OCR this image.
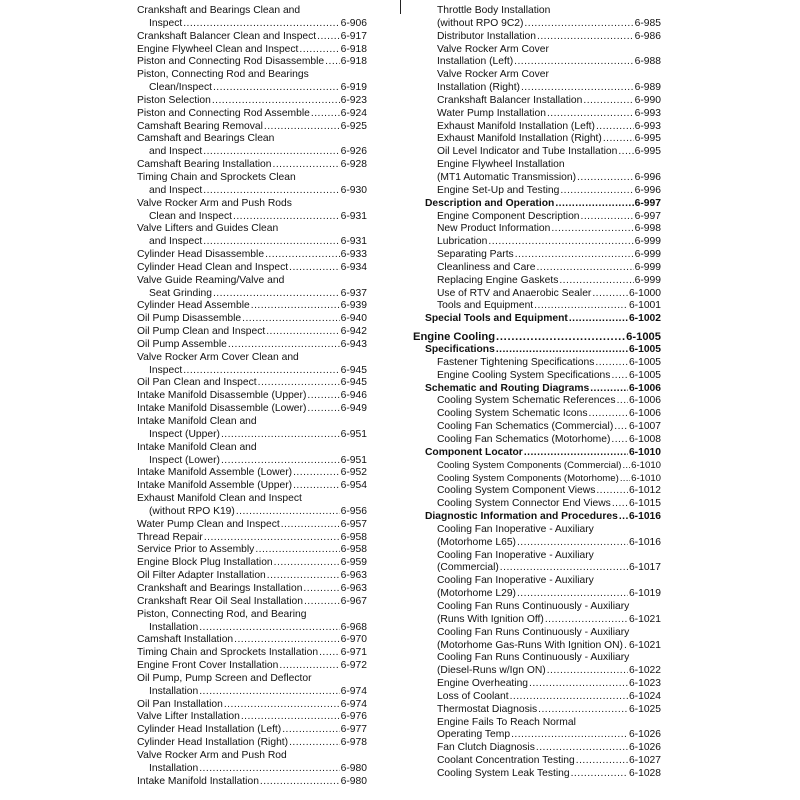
Crankshaft and Bearings Clean and
Inspect . . .	6-906
Crankshaft Balancer Clean and Inspect . . . 6-917
Engine Flywheel Clean and Inspect . . .	6-918
Piston and Connecting Rod Disassemble . . . 6-918
Piston, Connecting Rod and Bearings
Clean/Inspect . . .	6-919
Piston Selection . . .	6-923
Piston and Connecting Rod Assemble . . .	6-924
Camshaft Bearing Removal . . .	6-925
Camshaft and Bearings Clean
and Inspect . . .	6-926
Camshaft Bearing Installation . . .	6-928
Timing Chain and Sprockets Clean
and Inspect . . .	6-930
Valve Rocker Arm and Push Rods
Clean and Inspect . . .	6-931
Valve Lifters and Guides Clean
and Inspect . . .	6-931
Cylinder Head Disassemble . . .	6-933
Cylinder Head Clean and Inspect . . .	6-934
Valve Guide Reaming/Valve and
Seat Grinding . . .	6-937
Cylinder Head Assemble . . .	6-939
Oil Pump Disassemble . . .	6-940
Oil Pump Clean and Inspect . . .	6-942
Oil Pump Assemble . . .	6-943
Valve Rocker Arm Cover Clean and
Inspect . . .	6-945
Oil Pan Clean and Inspect . . .	6-945
Intake Manifold Disassemble (Upper) . . .	6-946
Intake Manifold Disassemble (Lower) . . .	6-949
Intake Manifold Clean and
Inspect (Upper) . . .	6-951
Intake Manifold Clean and
Inspect (Lower) . . .	6-951
Intake Manifold Assemble (Lower) . . .	6-952
Intake Manifold Assemble (Upper) . . .	6-954
Exhaust Manifold Clean and Inspect
(without RPO K19) . . .	6-956
Water Pump Clean and Inspect . . .	6-957
Thread Repair . . .	6-958
Service Prior to Assembly . . .	6-958
Engine Block Plug Installation . . .	6-959
Oil Filter Adapter Installation . . .	6-963
Crankshaft and Bearings Installation . . .	6-963
Crankshaft Rear Oil Seal Installation . . .	6-967
Piston, Connecting Rod, and Bearing
Installation . . .	6-968
Camshaft Installation . . .	6-970
Timing Chain and Sprockets Installation . . . 6-971
Engine Front Cover Installation . . .	6-972
Oil Pump, Pump Screen and Deflector
Installation . . .	6-974
Oil Pan Installation . . .	6-974
Valve Lifter Installation . . .	6-976
Cylinder Head Installation (Left) . . .	6-977
Cylinder Head Installation (Right) . . .	6-978
Valve Rocker Arm and Push Rod
Installation . . .	6-980
Intake Manifold Installation . . .	6-980
Throttle Body Installation
(without RPO 9C2) . . .	6-985
Distributor Installation . . .	6-986
Valve Rocker Arm Cover
Installation (Left) . . .	6-988
Valve Rocker Arm Cover
Installation (Right) . . .	6-989
Crankshaft Balancer Installation . . .	6-990
Water Pump Installation . . .	6-993
Exhaust Manifold Installation (Left) . . .	6-993
Exhaust Manifold Installation (Right) . . .	6-995
Oil Level Indicator and Tube Installation . . . 6-995
Engine Flywheel Installation
(MT1 Automatic Transmission) . . .	6-996
Engine Set-Up and Testing . . .	6-996
Description and Operation . . .	6-997
Engine Component Description . . .	6-997
New Product Information . . .	6-998
Lubrication . . .	6-999
Separating Parts . . .	6-999
Cleanliness and Care . . .	6-999
Replacing Engine Gaskets . . .	6-999
Use of RTV and Anaerobic Sealer . . .	6-1000
Tools and Equipment . . .	6-1001
Special Tools and Equipment . . .	6-1002
Engine Cooling . . .	6-1005
Specifications . . .	6-1005
Fastener Tightening Specifications . . .	6-1005
Engine Cooling System Specifications . . . 6-1005
Schematic and Routing Diagrams . . .	6-1006
Cooling System Schematic References . . . 6-1006
Cooling System Schematic Icons . . .	6-1006
Cooling Fan Schematics (Commercial) . . . 6-1007
Cooling Fan Schematics (Motorhome) . . . 6-1008
Component Locator . . .	6-1010
Cooling System Components (Commercial) . . . 6-1010
Cooling System Components (Motorhome) . . . 6-1010
Cooling System Component Views . . .	6-1012
Cooling System Connector End Views . . . 6-1015
Diagnostic Information and Procedures . . . 6-1016
Cooling Fan Inoperative - Auxiliary
(Motorhome L65) . . .	6-1016
Cooling Fan Inoperative - Auxiliary
(Commercial) . . .	6-1017
Cooling Fan Inoperative - Auxiliary
(Motorhome L29) . . .	6-1019
Cooling Fan Runs Continuously - Auxiliary
(Runs With Ignition Off) . . .	6-1021
Cooling Fan Runs Continuously - Auxiliary
(Motorhome Gas-Runs With Ignition ON) . . . 6-1021
Cooling Fan Runs Continuously - Auxiliary
(Diesel-Runs w/Ign ON) . . .	6-1022
Engine Overheating . . .	6-1023
Loss of Coolant . . .	6-1024
Thermostat Diagnosis . . .	6-1025
Engine Fails To Reach Normal
Operating Temp . . .	6-1026
Fan Clutch Diagnosis . . .	6-1026
Coolant Concentration Testing . . .	6-1027
Cooling System Leak Testing . . .	6-1028
